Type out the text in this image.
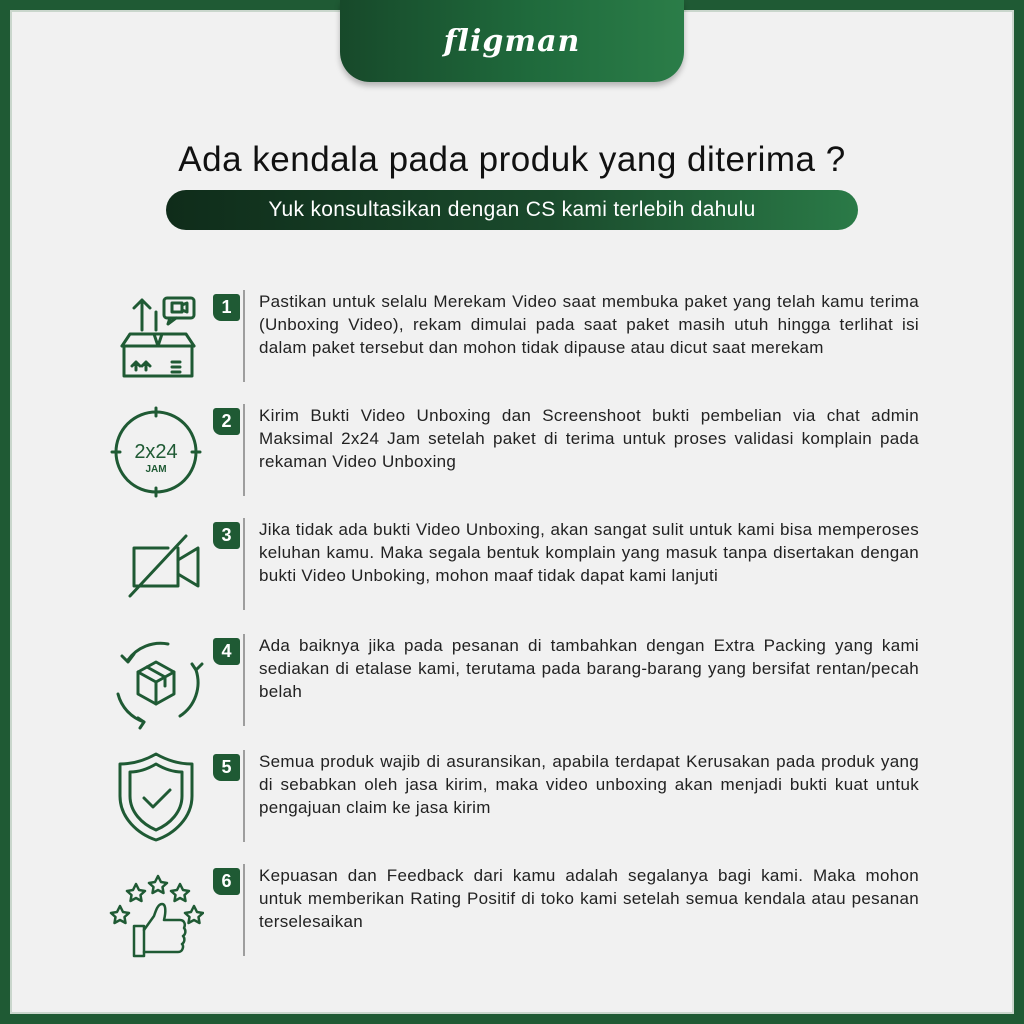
fligman
Ada kendala pada produk yang diterima ?
Yuk konsultasikan dengan CS kami terlebih dahulu
1	Pastikan untuk selalu Merekam Video saat membuka paket yang telah kamu terima (Unboxing Video), rekam dimulai pada saat paket masih utuh hingga terlihat isi dalam paket tersebut dan mohon tidak dipause atau dicut saat merekam
2x24
JAM
2	Kirim Bukti Video Unboxing dan Screenshoot bukti pembelian via chat admin Maksimal 2x24 Jam setelah paket di terima untuk proses validasi komplain pada rekaman Video Unboxing
3	Jika tidak ada bukti Video Unboxing, akan sangat sulit untuk kami bisa memperoses keluhan kamu. Maka segala bentuk komplain yang masuk tanpa disertakan dengan bukti Video Unboking, mohon maaf tidak dapat kami lanjuti
4	Ada baiknya jika pada pesanan di tambahkan dengan Extra Packing yang kami sediakan di etalase kami, terutama pada barang-barang yang bersifat rentan/pecah belah
5	Semua produk wajib di asuransikan, apabila terdapat Kerusakan pada produk yang di sebabkan oleh jasa kirim, maka video unboxing akan menjadi bukti kuat untuk pengajuan claim ke jasa kirim
6	Kepuasan dan Feedback dari kamu adalah segalanya bagi kami. Maka mohon untuk memberikan Rating Positif di toko kami setelah semua kendala atau pesanan terselesaikan
